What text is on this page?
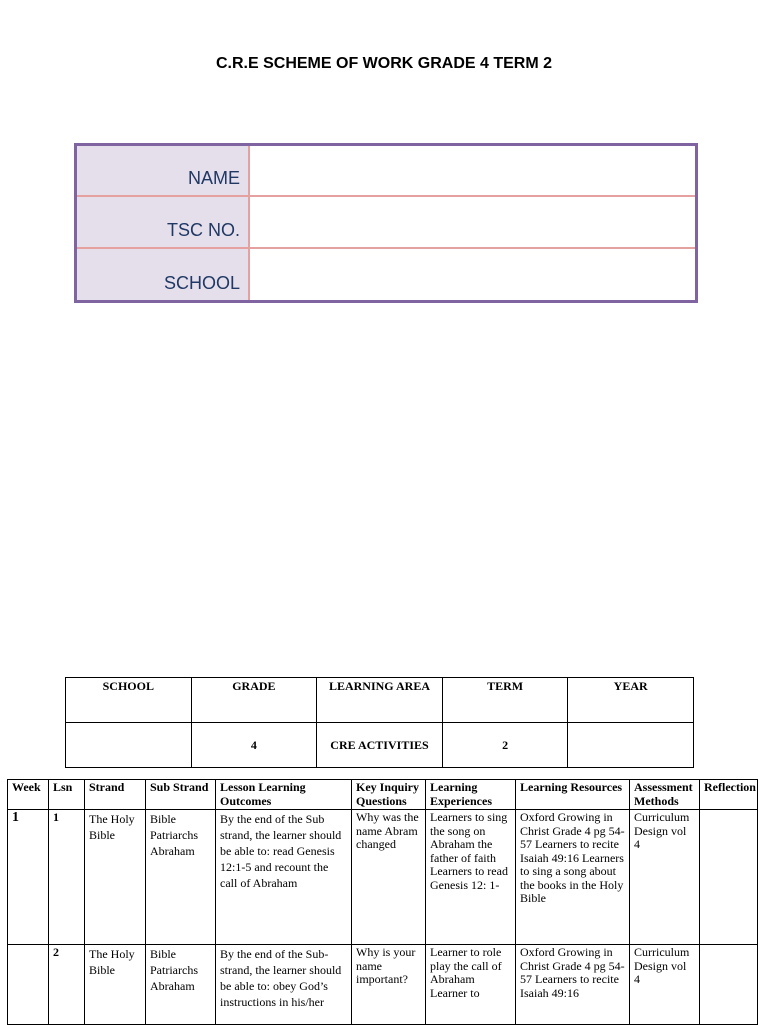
C.R.E SCHEME OF WORK GRADE 4 TERM 2
NAME
TSC NO.
SCHOOL
SCHOOL	GRADE	LEARNING AREA	TERM	YEAR
	4	CRE ACTIVITIES	2	
Week	Lsn	Strand	Sub Strand	Lesson Learning Outcomes	Key Inquiry Questions	Learning Experiences	Learning Resources	Assessment Methods	Reflection
1	1	The Holy Bible	Bible Patriarchs Abraham	By the end of the Sub strand, the learner should be able to: read Genesis 12:1-5 and recount the call of Abraham	Why was the name Abram changed	Learners to sing the song on Abraham the father of faith Learners to read Genesis 12: 1-	Oxford Growing in Christ Grade 4 pg 54-57 Learners to recite Isaiah 49:16 Learners to sing a song about the books in the Holy Bible	Curriculum Design vol 4	
	2	The Holy Bible	Bible Patriarchs Abraham	By the end of the Sub-strand, the learner should be able to: obey God’s instructions in his/her	Why is your name important?	Learner to role play the call of Abraham Learner to	Oxford Growing in Christ Grade 4 pg 54-57 Learners to recite Isaiah 49:16	Curriculum Design vol 4	
